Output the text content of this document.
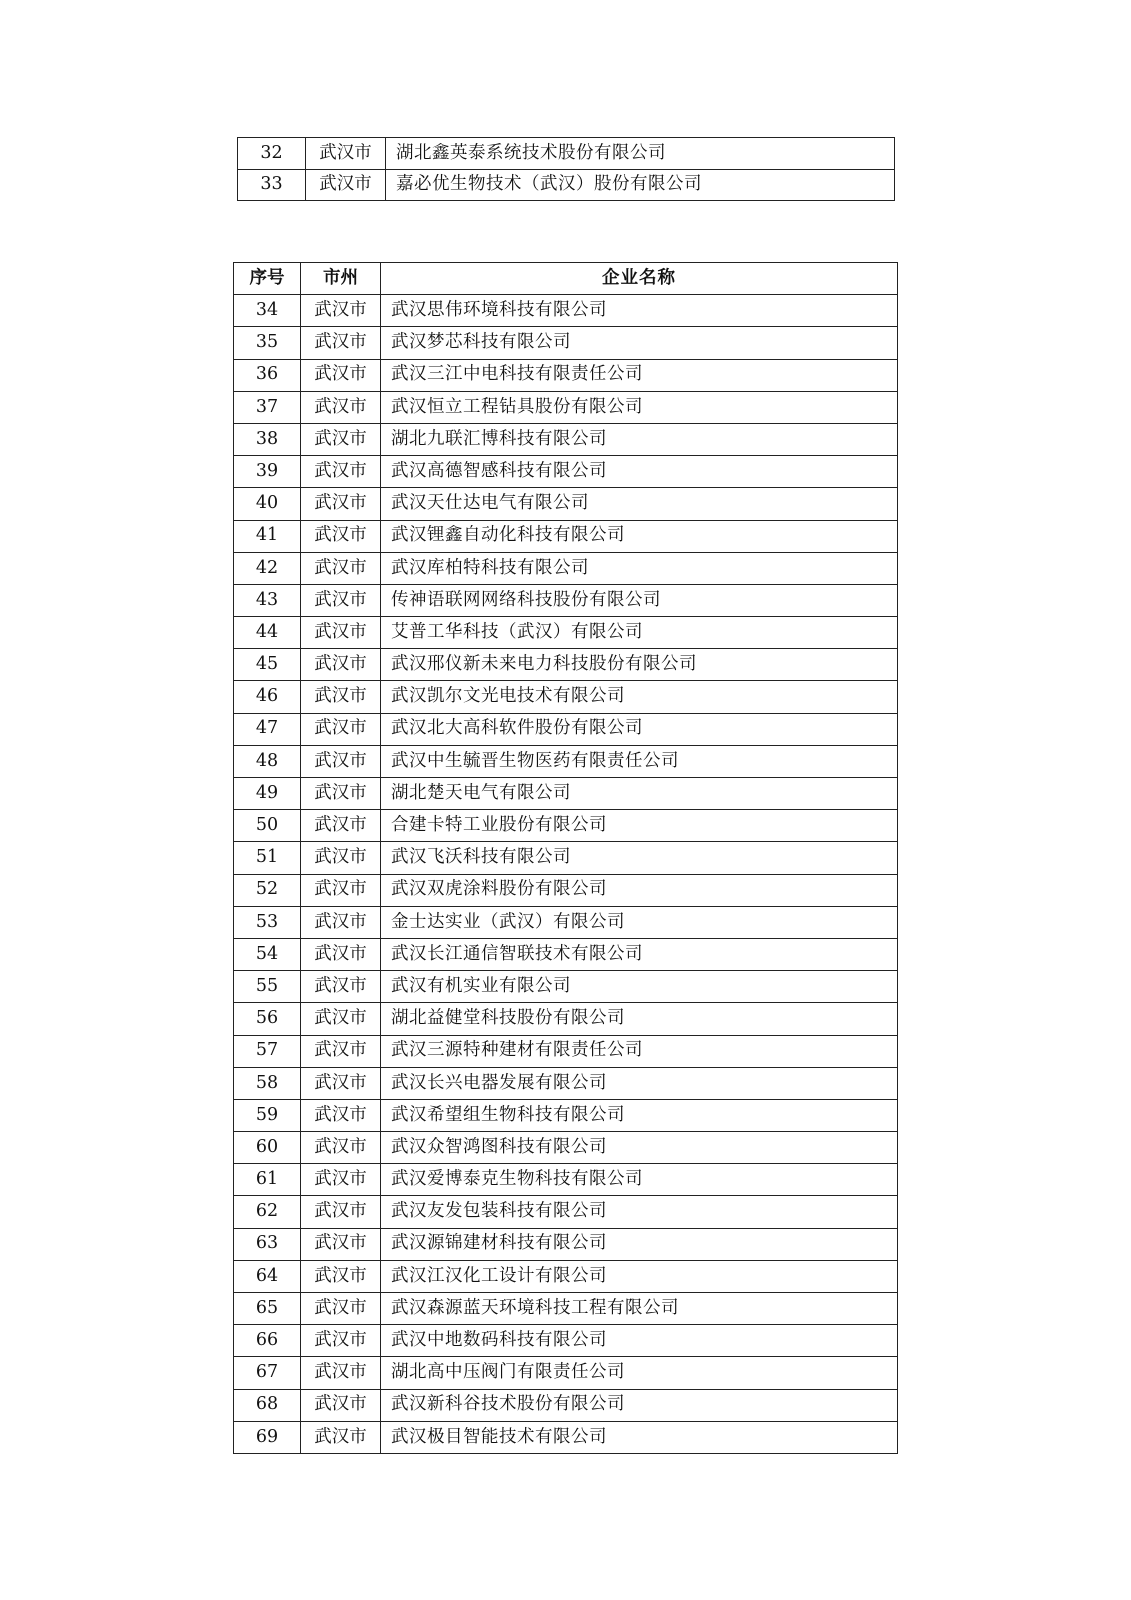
32	武汉市	湖北鑫英泰系统技术股份有限公司
33	武汉市	嘉必优生物技术（武汉）股份有限公司
序号	市州	企业名称
34	武汉市	武汉思伟环境科技有限公司
35	武汉市	武汉梦芯科技有限公司
36	武汉市	武汉三江中电科技有限责任公司
37	武汉市	武汉恒立工程钻具股份有限公司
38	武汉市	湖北九联汇博科技有限公司
39	武汉市	武汉高德智感科技有限公司
40	武汉市	武汉天仕达电气有限公司
41	武汉市	武汉锂鑫自动化科技有限公司
42	武汉市	武汉库柏特科技有限公司
43	武汉市	传神语联网网络科技股份有限公司
44	武汉市	艾普工华科技（武汉）有限公司
45	武汉市	武汉邢仪新未来电力科技股份有限公司
46	武汉市	武汉凯尔文光电技术有限公司
47	武汉市	武汉北大高科软件股份有限公司
48	武汉市	武汉中生毓晋生物医药有限责任公司
49	武汉市	湖北楚天电气有限公司
50	武汉市	合建卡特工业股份有限公司
51	武汉市	武汉飞沃科技有限公司
52	武汉市	武汉双虎涂料股份有限公司
53	武汉市	金士达实业（武汉）有限公司
54	武汉市	武汉长江通信智联技术有限公司
55	武汉市	武汉有机实业有限公司
56	武汉市	湖北益健堂科技股份有限公司
57	武汉市	武汉三源特种建材有限责任公司
58	武汉市	武汉长兴电器发展有限公司
59	武汉市	武汉希望组生物科技有限公司
60	武汉市	武汉众智鸿图科技有限公司
61	武汉市	武汉爱博泰克生物科技有限公司
62	武汉市	武汉友发包装科技有限公司
63	武汉市	武汉源锦建材科技有限公司
64	武汉市	武汉江汉化工设计有限公司
65	武汉市	武汉森源蓝天环境科技工程有限公司
66	武汉市	武汉中地数码科技有限公司
67	武汉市	湖北高中压阀门有限责任公司
68	武汉市	武汉新科谷技术股份有限公司
69	武汉市	武汉极目智能技术有限公司
